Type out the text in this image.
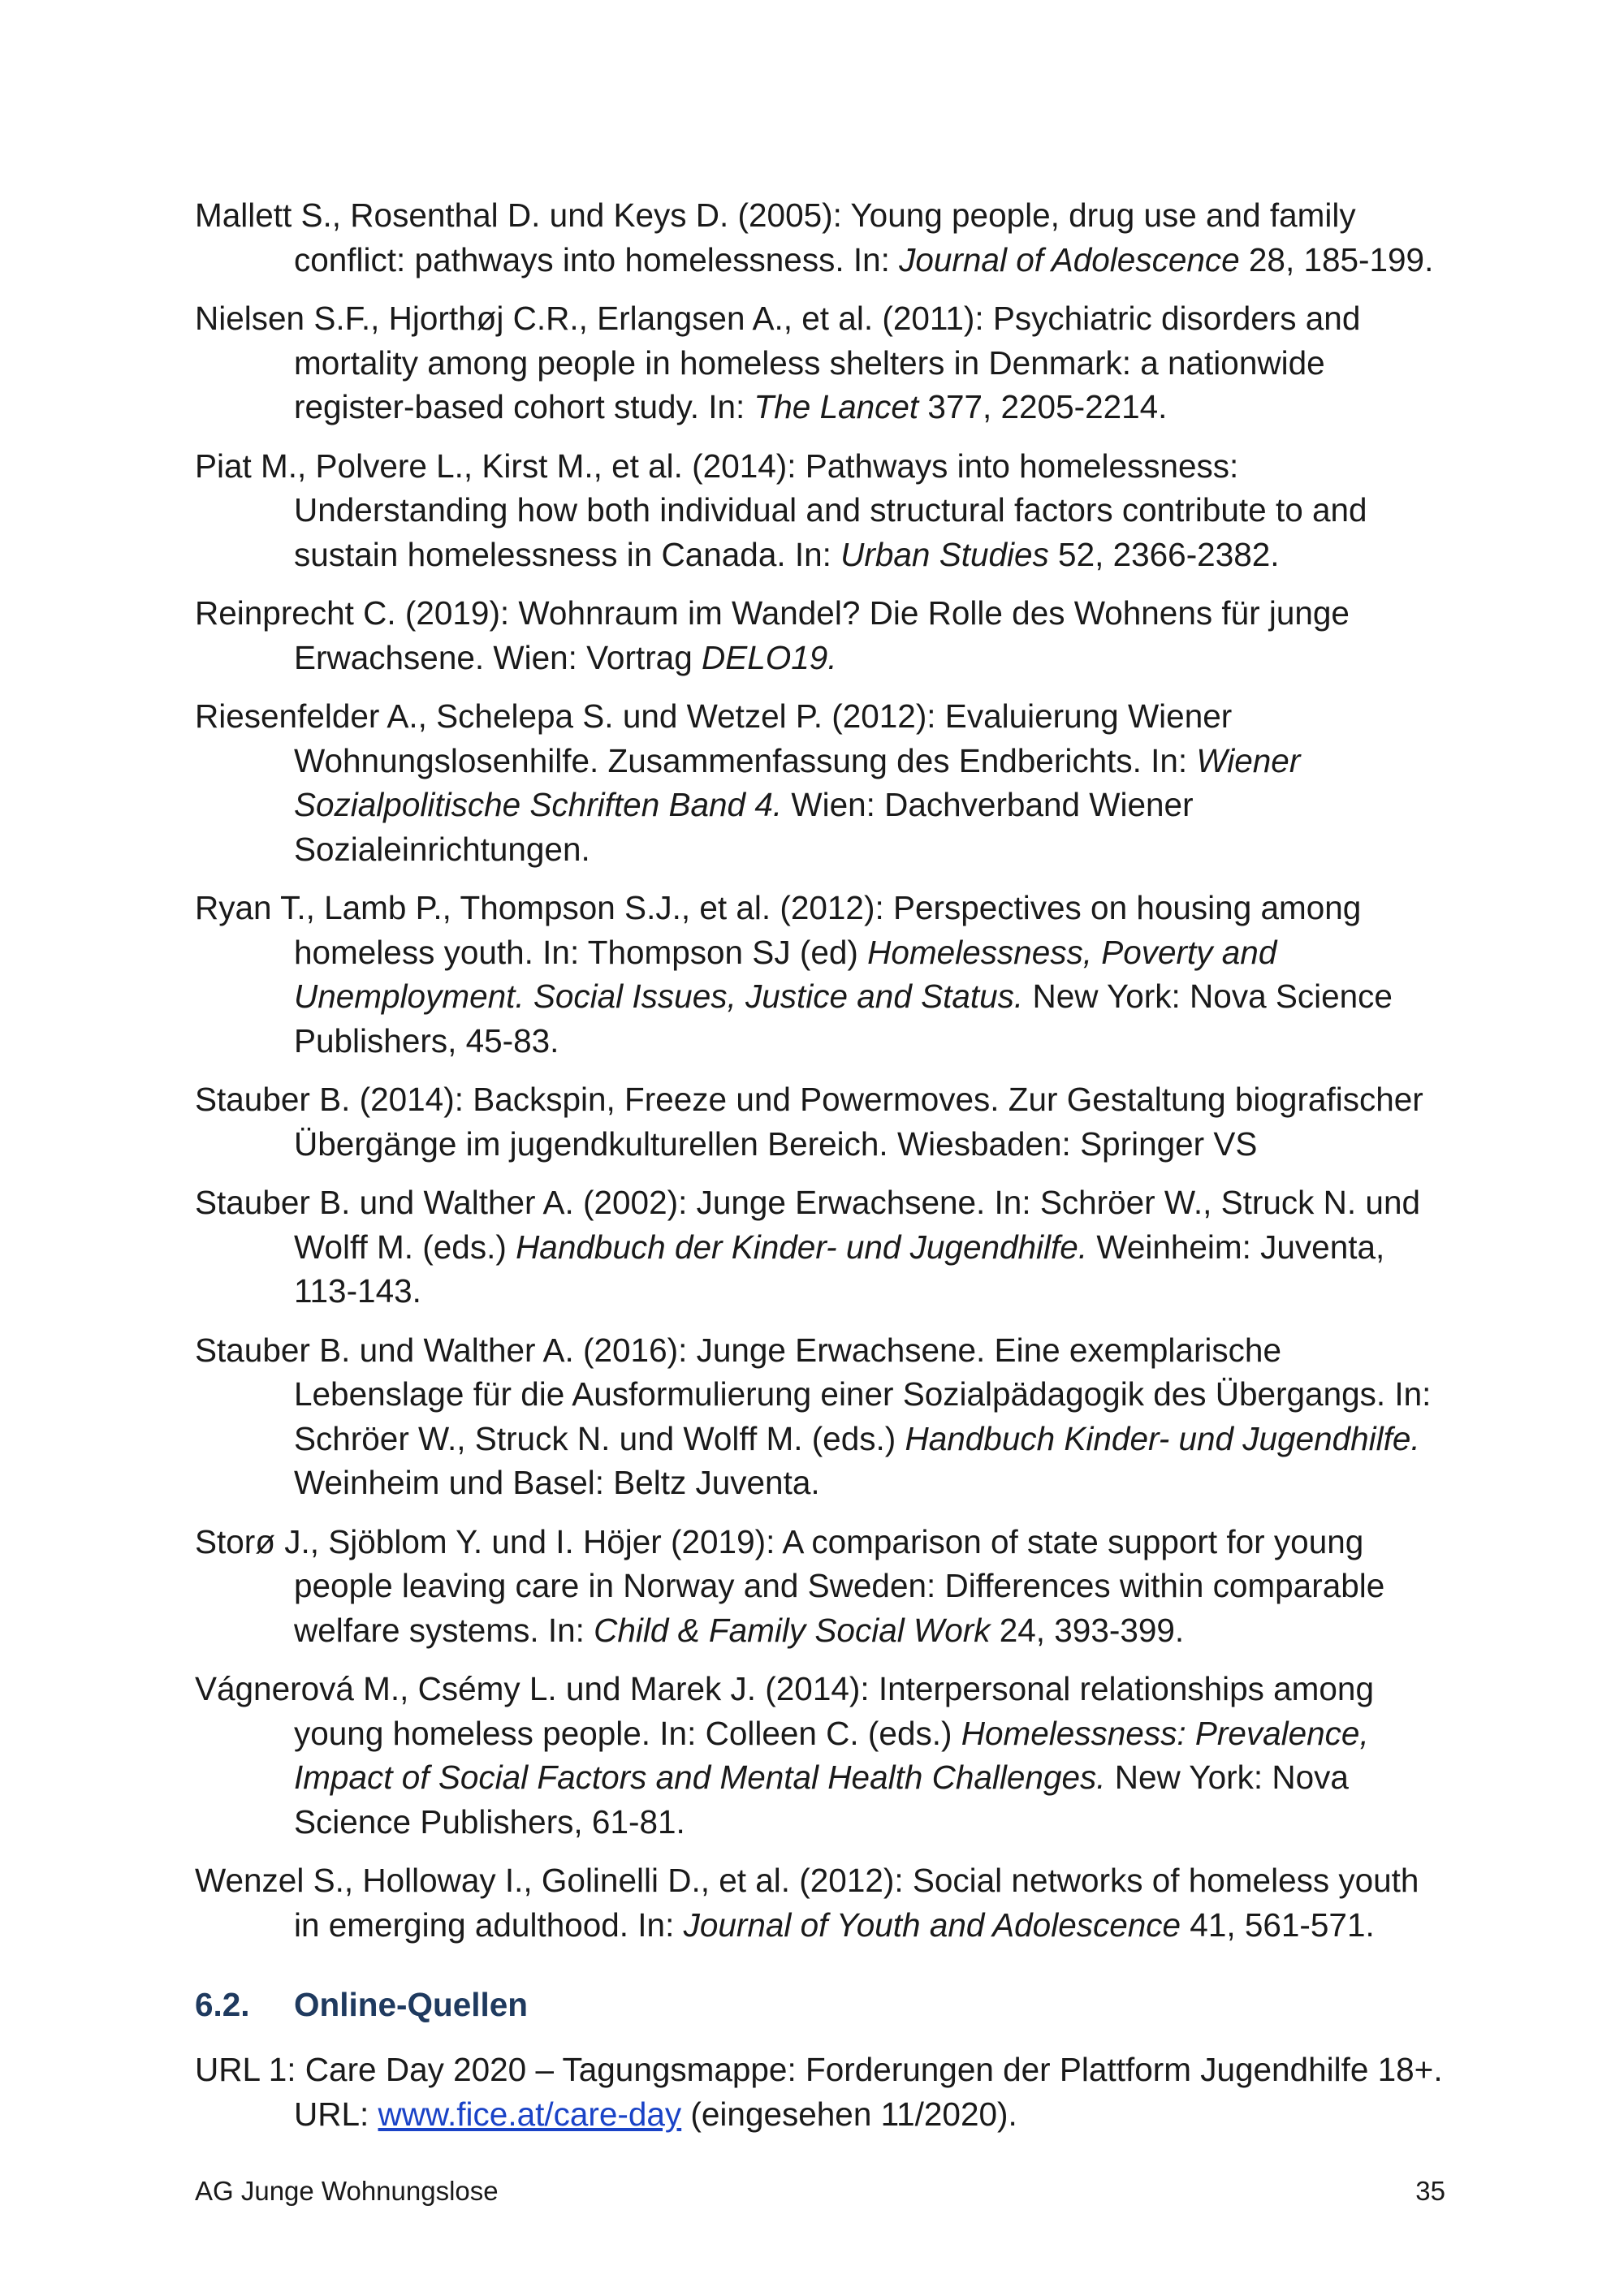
Mallett S., Rosenthal D. und Keys D. (2005): Young people, drug use and family conflict: pathways into homelessness. In: Journal of Adolescence 28, 185-199.

Nielsen S.F., Hjorthøj C.R., Erlangsen A., et al. (2011): Psychiatric disorders and mortality among people in homeless shelters in Denmark: a nationwide register-based cohort study. In: The Lancet 377, 2205-2214.

Piat M., Polvere L., Kirst M., et al. (2014): Pathways into homelessness: Understanding how both individual and structural factors contribute to and sustain homelessness in Canada. In: Urban Studies 52, 2366-2382.

Reinprecht C. (2019): Wohnraum im Wandel? Die Rolle des Wohnens für junge Erwachsene. Wien: Vortrag DELO19.

Riesenfelder A., Schelepa S. und Wetzel P. (2012): Evaluierung Wiener Wohnungslosenhilfe. Zusammenfassung des Endberichts. In: Wiener Sozialpolitische Schriften Band 4. Wien: Dachverband Wiener Sozialeinrichtungen.

Ryan T., Lamb P., Thompson S.J., et al. (2012): Perspectives on housing among homeless youth. In: Thompson SJ (ed) Homelessness, Poverty and Unemployment. Social Issues, Justice and Status. New York: Nova Science Publishers, 45-83.

Stauber B. (2014): Backspin, Freeze und Powermoves. Zur Gestaltung biografischer Übergänge im jugendkulturellen Bereich. Wiesbaden: Springer VS

Stauber B. und Walther A. (2002): Junge Erwachsene. In: Schröer W., Struck N. und Wolff M. (eds.) Handbuch der Kinder- und Jugendhilfe. Weinheim: Juventa, 113-143.

Stauber B. und Walther A. (2016): Junge Erwachsene. Eine exemplarische Lebenslage für die Ausformulierung einer Sozialpädagogik des Übergangs. In: Schröer W., Struck N. und Wolff M. (eds.) Handbuch Kinder- und Jugendhilfe. Weinheim und Basel: Beltz Juventa.

Storø J., Sjöblom Y. und I. Höjer (2019): A comparison of state support for young people leaving care in Norway and Sweden: Differences within comparable welfare systems. In: Child & Family Social Work 24, 393-399.

Vágnerová M., Csémy L. und Marek J. (2014): Interpersonal relationships among young homeless people. In: Colleen C. (eds.) Homelessness: Prevalence, Impact of Social Factors and Mental Health Challenges. New York: Nova Science Publishers, 61-81.

Wenzel S., Holloway I., Golinelli D., et al. (2012): Social networks of homeless youth in emerging adulthood. In: Journal of Youth and Adolescence 41, 561-571.

6.2. Online-Quellen

URL 1: Care Day 2020 – Tagungsmappe: Forderungen der Plattform Jugendhilfe 18+. URL: www.fice.at/care-day (eingesehen 11/2020).

AG Junge Wohnungslose	35
